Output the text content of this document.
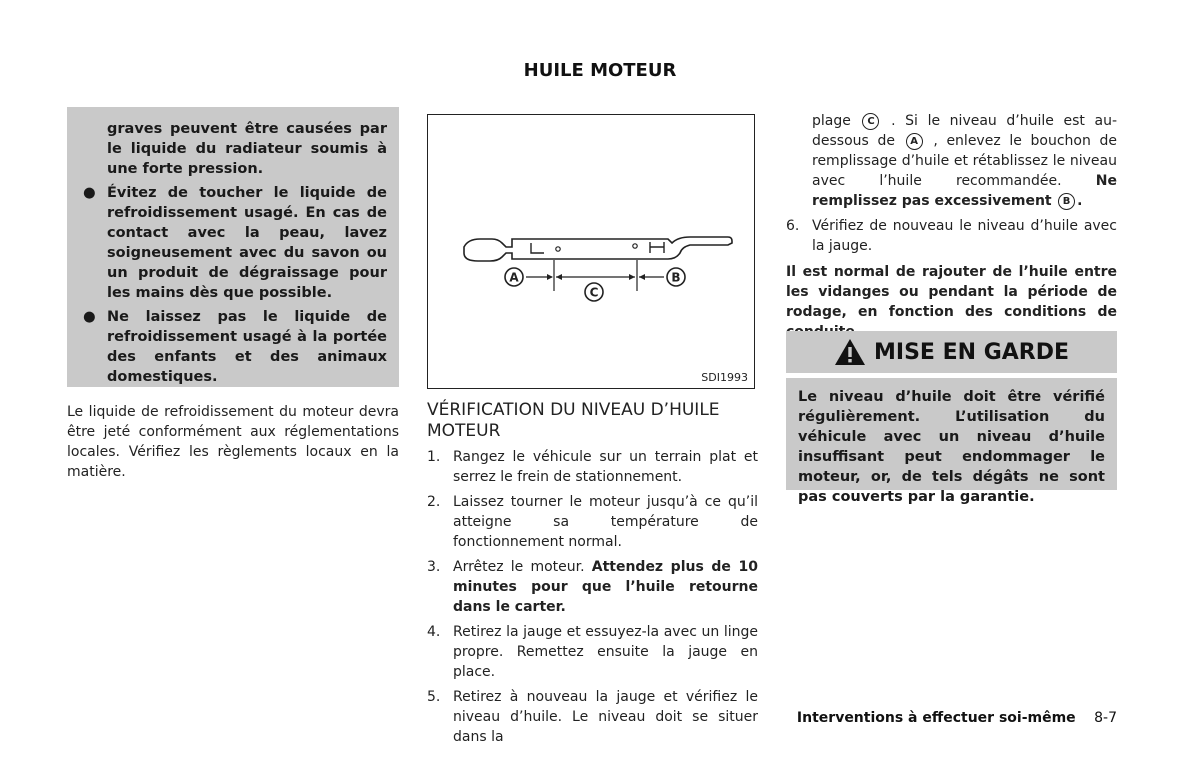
HUILE MOTEUR
graves peuvent être causées par le liquide du radiateur soumis à une forte pression.
● Évitez de toucher le liquide de refroidissement usagé. En cas de contact avec la peau, lavez soigneusement avec du savon ou un produit de dégraissage pour les mains dès que possible.
● Ne laissez pas le liquide de refroidissement usagé à la portée des enfants et des animaux domestiques.
Le liquide de refroidissement du moteur devra être jeté conformément aux réglementations locales. Vérifiez les règlements locaux en la matière.
A	B
C
SDI1993
VÉRIFICATION DU NIVEAU D’HUILE MOTEUR
1. Rangez le véhicule sur un terrain plat et serrez le frein de stationnement.
2. Laissez tourner le moteur jusqu’à ce qu’il atteigne sa température de fonctionnement normal.
3. Arrêtez le moteur. Attendez plus de 10 minutes pour que l’huile retourne dans le carter.
4. Retirez la jauge et essuyez-la avec un linge propre. Remettez ensuite la jauge en place.
5. Retirez à nouveau la jauge et vérifiez le niveau d’huile. Le niveau doit se situer dans la
plage C . Si le niveau d’huile est au-dessous de A , enlevez le bouchon de remplissage d’huile et rétablissez le niveau avec l’huile recommandée. Ne remplissez pas excessivement B .
6. Vérifiez de nouveau le niveau d’huile avec la jauge.
Il est normal de rajouter de l’huile entre les vidanges ou pendant la période de rodage, en fonction des conditions de
MISE EN GARDE
Le niveau d’huile doit être vérifié régulièrement. L’utilisation du véhicule avec un niveau d’huile insuffisant peut endommager le moteur, or, de tels dégâts ne sont pas couverts par la garantie.
Interventions à effectuer soi-même 8-7
